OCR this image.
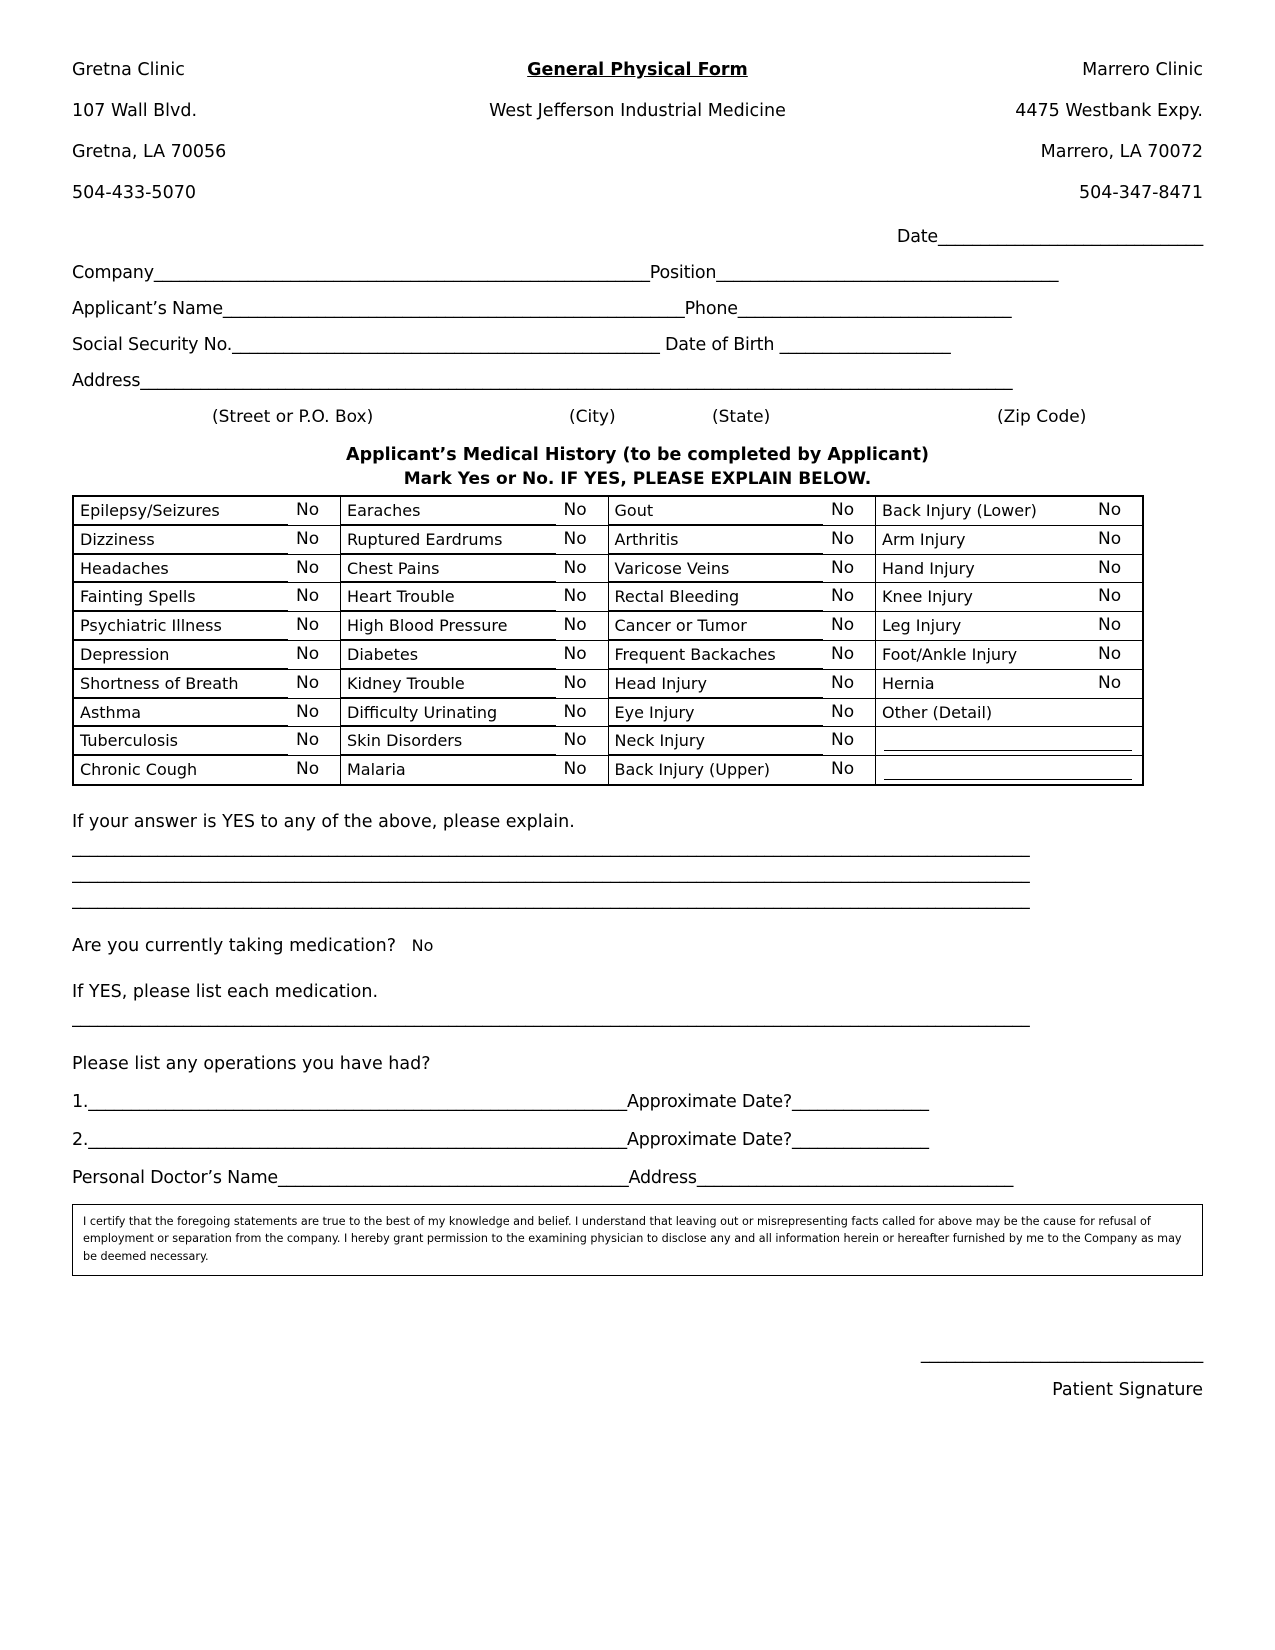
Gretna Clinic	General Physical Form	Marrero Clinic
107 Wall Blvd.	West Jefferson Industrial Medicine	4475 Westbank Expy.
Gretna, LA 70056	Marrero, LA 70072
504-433-5070	504-347-8471
Date_______________________________
Company__________________________________________________________Position________________________________________
Applicant’s Name______________________________________________________Phone________________________________
Social Security No.__________________________________________________ Date of Birth ____________________
Address______________________________________________________________________________________________________
(Street or P.O. Box)	(City)	(State)	(Zip Code)
Applicant’s Medical History (to be completed by Applicant)
Mark Yes or No. IF YES, PLEASE EXPLAIN BELOW.
Epilepsy/Seizures No	Earaches No	Gout No	Back Injury (Lower) No

Dizziness No	Ruptured Eardrums No	Arthritis No	Arm Injury No

Headaches No	Chest Pains No	Varicose Veins No	Hand Injury No

Fainting Spells No	Heart Trouble No	Rectal Bleeding No	Knee Injury No

Psychiatric Illness No	High Blood Pressure No	Cancer or Tumor No	Leg Injury No

Depression No	Diabetes No	Frequent Backaches No	Foot/Ankle Injury No

Shortness of Breath No	Kidney Trouble No	Head Injury No	Hernia No

Asthma No	Difficulty Urinating No	Eye Injury No	Other (Detail)

Tuberculosis No	Skin Disorders No	Neck Injury No	

Chronic Cough No	Malaria No	Back Injury (Upper) No	

If your answer is YES to any of the above, please explain.
________________________________________________________________________________________________________________
________________________________________________________________________________________________________________
________________________________________________________________________________________________________________
Are you currently taking medication? No
If YES, please list each medication.
________________________________________________________________________________________________________________
Please list any operations you have had?
1._______________________________________________________________Approximate Date?________________
2._______________________________________________________________Approximate Date?________________
Personal Doctor’s Name_________________________________________Address_____________________________________
I certify that the foregoing statements are true to the best of my knowledge and belief. I understand that leaving out or misrepresenting facts called for above may be the cause for refusal of employment or separation from the company. I hereby grant permission to the examining physician to disclose any and all information herein or hereafter furnished by me to the Company as may be deemed necessary.
_________________________________
Patient Signature
